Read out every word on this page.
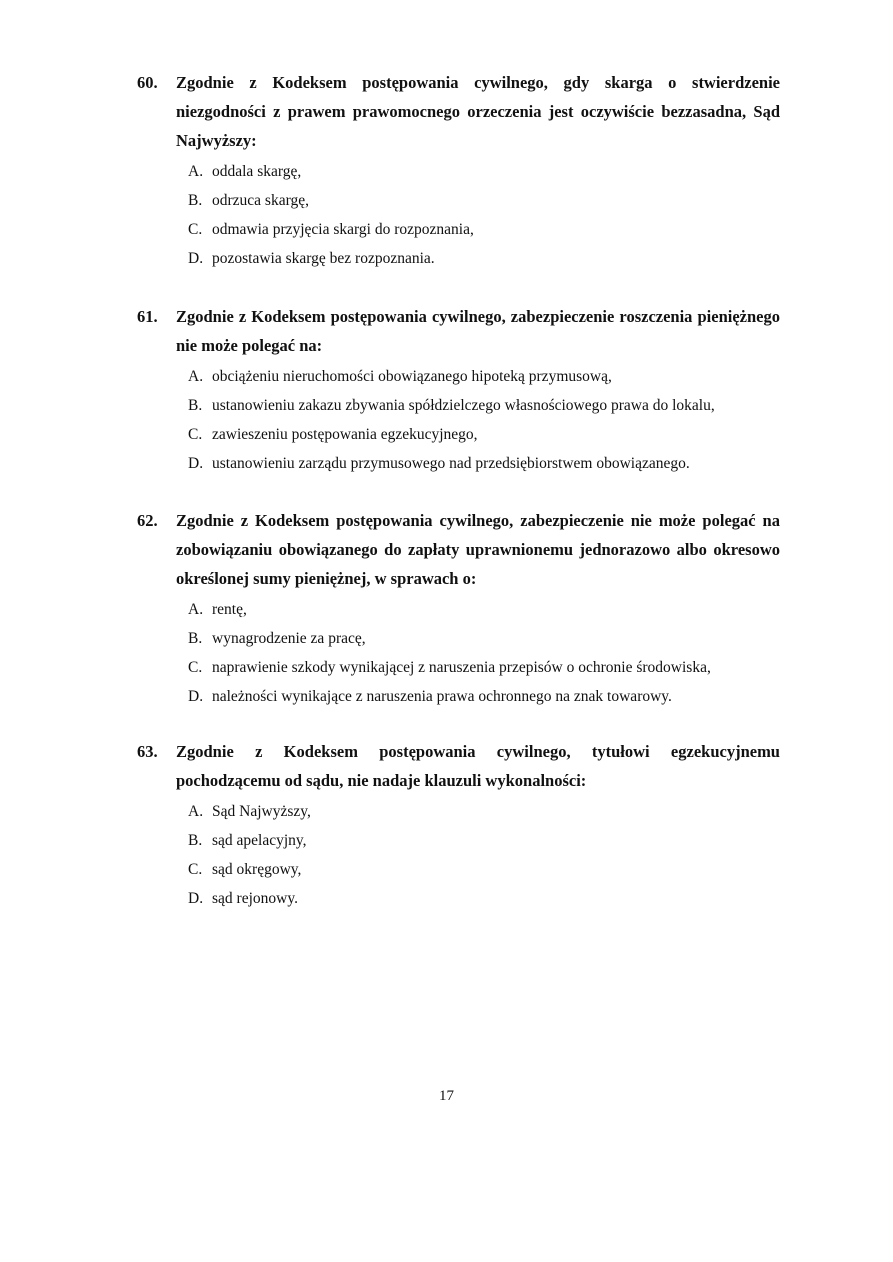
60. Zgodnie z Kodeksem postępowania cywilnego, gdy skarga o stwierdzenie niezgodności z prawem prawomocnego orzeczenia jest oczywiście bezzasadna, Sąd Najwyższy:
A. oddala skargę,
B. odrzuca skargę,
C. odmawia przyjęcia skargi do rozpoznania,
D. pozostawia skargę bez rozpoznania.
61. Zgodnie z Kodeksem postępowania cywilnego, zabezpieczenie roszczenia pieniężnego nie może polegać na:
A. obciążeniu nieruchomości obowiązanego hipoteką przymusową,
B. ustanowieniu zakazu zbywania spółdzielczego własnościowego prawa do lokalu,
C. zawieszeniu postępowania egzekucyjnego,
D. ustanowieniu zarządu przymusowego nad przedsiębiorstwem obowiązanego.
62. Zgodnie z Kodeksem postępowania cywilnego, zabezpieczenie nie może polegać na zobowiązaniu obowiązanego do zapłaty uprawnionemu jednorazowo albo okresowo określonej sumy pieniężnej, w sprawach o:
A. rentę,
B. wynagrodzenie za pracę,
C. naprawienie szkody wynikającej z naruszenia przepisów o ochronie środowiska,
D. należności wynikające z naruszenia prawa ochronnego na znak towarowy.
63. Zgodnie z Kodeksem postępowania cywilnego, tytułowi egzekucyjnemu pochodzącemu od sądu, nie nadaje klauzuli wykonalności:
A. Sąd Najwyższy,
B. sąd apelacyjny,
C. sąd okręgowy,
D. sąd rejonowy.
17
